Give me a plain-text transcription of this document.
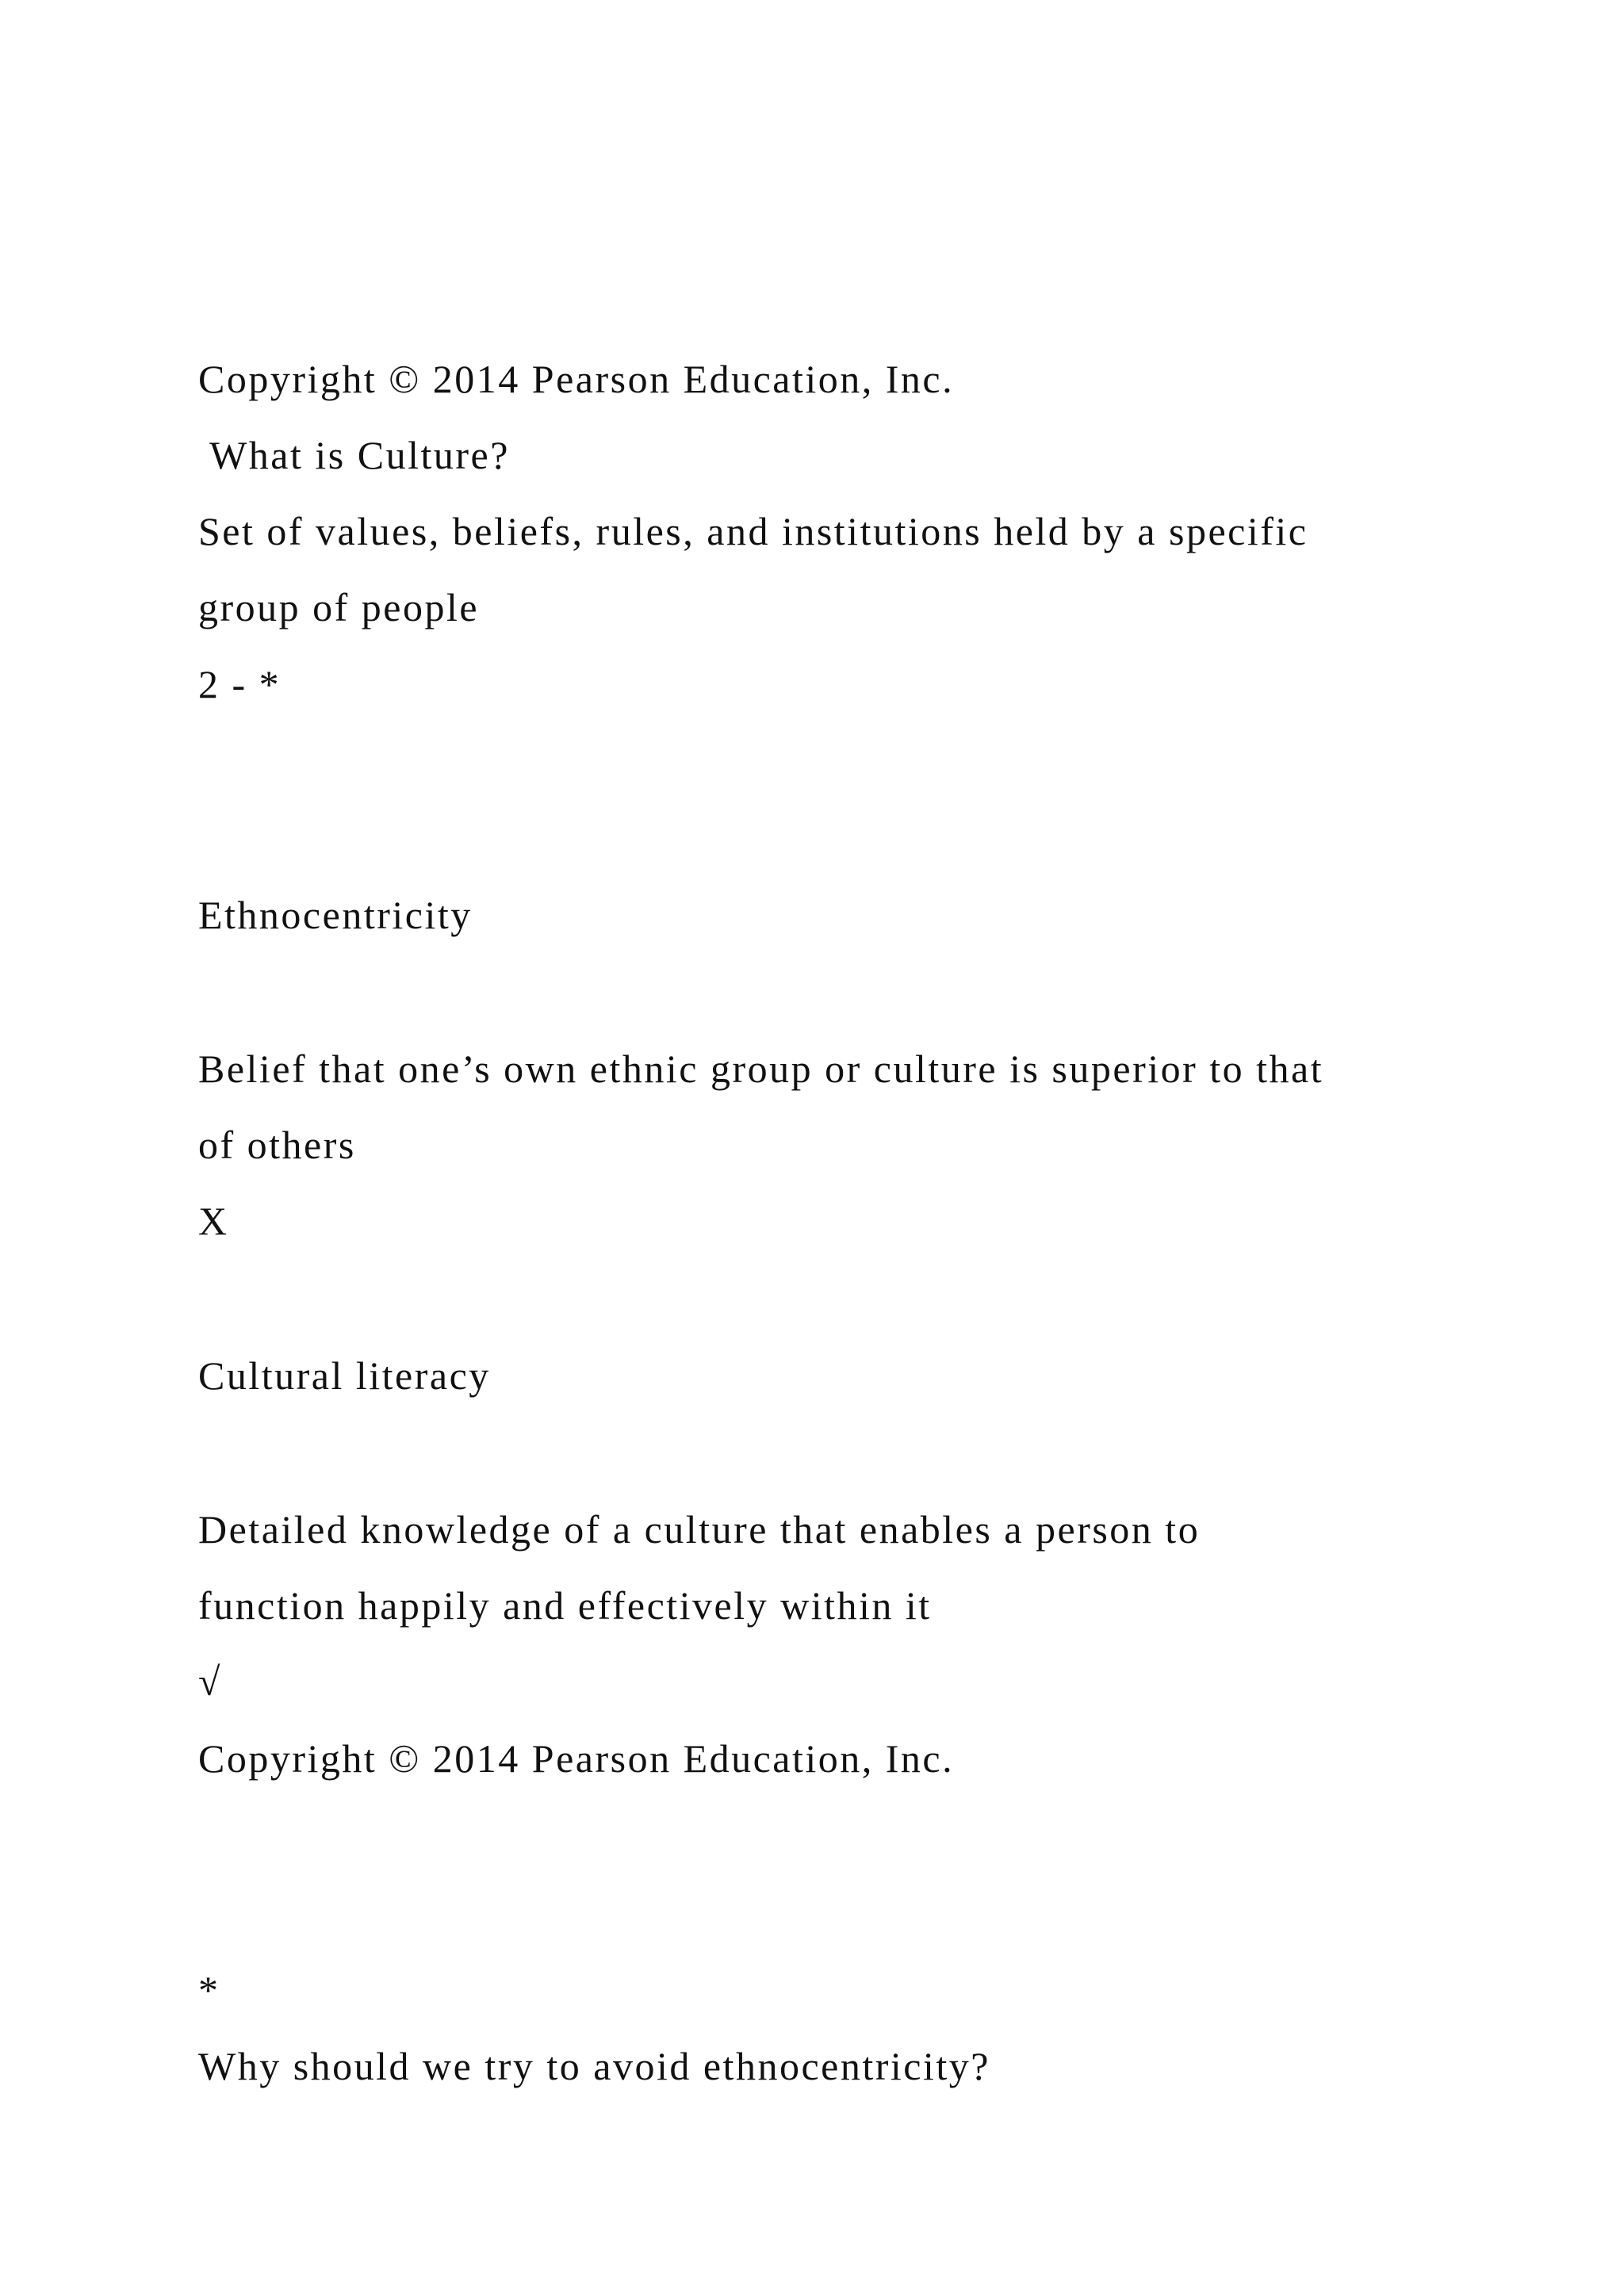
Copyright © 2014 Pearson Education, Inc.

What is Culture?

Set of values, beliefs, rules, and institutions held by a specific

group of people

2 - *

Ethnocentricity

Belief that one’s own ethnic group or culture is superior to that

of others

X

Cultural literacy

Detailed knowledge of a culture that enables a person to

function happily and effectively within it

√

Copyright © 2014 Pearson Education, Inc.

*

Why should we try to avoid ethnocentricity?
